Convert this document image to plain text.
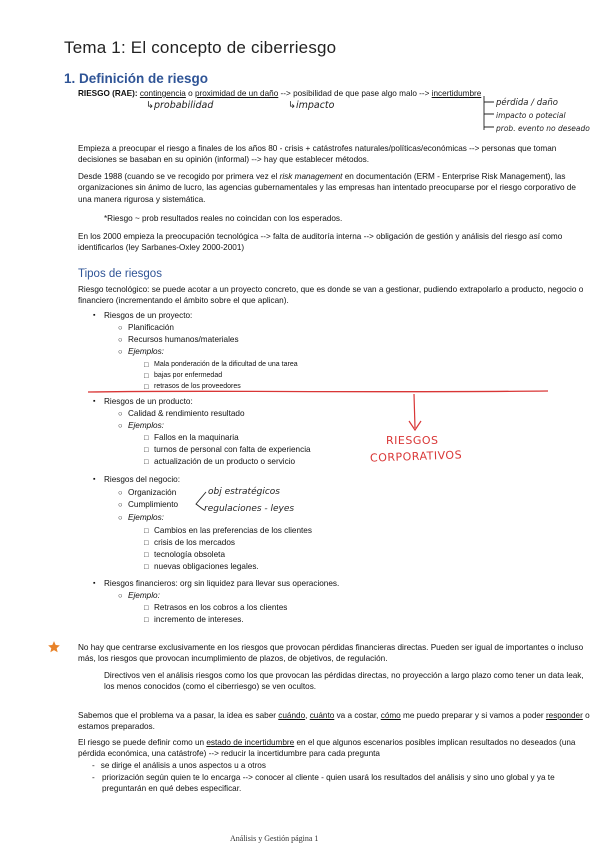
Tema 1: El concepto de ciberriesgo
1. Definición de riesgo
RIESGO (RAE): contingencia o proximidad de un daño --> posibilidad de que pase algo malo --> incertidumbre
↳probabilidad	↳impacto	pérdida / daño
impacto o potecial
prob. evento no deseado
Empieza a preocupar el riesgo a finales de los años 80 - crisis + catástrofes naturales/políticas/económicas --> personas que toman decisiones se basaban en su opinión (informal) --> hay que establecer métodos.
Desde 1988 (cuando se ve recogido por primera vez el risk management en documentación (ERM - Enterprise Risk Management), las organizaciones sin ánimo de lucro, las agencias gubernamentales y las empresas han intentado preocuparse por el riesgo corporativo de una manera rigurosa y sistemática.
*Riesgo ~ prob resultados reales no coincidan con los esperados.
En los 2000 empieza la preocupación tecnológica --> falta de auditoría interna --> obligación de gestión y análisis del riesgo así como identificarlos (ley Sarbanes-Oxley 2000-2001)
Tipos de riesgos
Riesgo tecnológico: se puede acotar a un proyecto concreto, que es donde se van a gestionar, pudiendo extrapolarlo a producto, negocio o financiero (incrementando el ámbito sobre el que aplican).
▪ Riesgos de un proyecto:
○ Planificación
○ Recursos humanos/materiales
○ Ejemplos:
□ Mala ponderación de la dificultad de una tarea
□ bajas por enfermedad
□ retrasos de los proveedores
▪ Riesgos de un producto:
○ Calidad & rendimiento resultado
○ Ejemplos:
□ Fallos en la maquinaria
□ turnos de personal con falta de experiencia
□ actualización de un producto o servicio
RIESGOS
CORPORATIVOS
▪ Riesgos del negocio:
○ Organización
○ Cumplimiento
obj estratégicos
regulaciones - leyes
○ Ejemplos:
□ Cambios en las preferencias de los clientes
□ crisis de los mercados
□ tecnología obsoleta
□ nuevas obligaciones legales.
▪ Riesgos financieros: org sin liquidez para llevar sus operaciones.
○ Ejemplo:
□ Retrasos en los cobros a los clientes
□ incremento de intereses.
No hay que centrarse exclusivamente en los riesgos que provocan pérdidas financieras directas. Pueden ser igual de importantes o incluso más, los riesgos que provocan incumplimiento de plazos, de objetivos, de regulación.
Directivos ven el análisis riesgos como los que provocan las pérdidas directas, no proyección a largo plazo como tener un data leak, los menos conocidos (como el ciberriesgo) se ven ocultos.
Sabemos que el problema va a pasar, la idea es saber cuándo, cuánto va a costar, cómo me puedo preparar y si vamos a poder responder o estamos preparados.
El riesgo se puede definir como un estado de incertidumbre en el que algunos escenarios posibles implican resultados no deseados (una pérdida económica, una catástrofe) --> reducir la incertidumbre para cada pregunta
- se dirige el análisis a unos aspectos u a otros
- priorización según quien te lo encarga --> conocer al cliente - quien usará los resultados del análisis y sino uno global y ya te preguntarán en qué debes especificar.
Análisis y Gestión página 1
